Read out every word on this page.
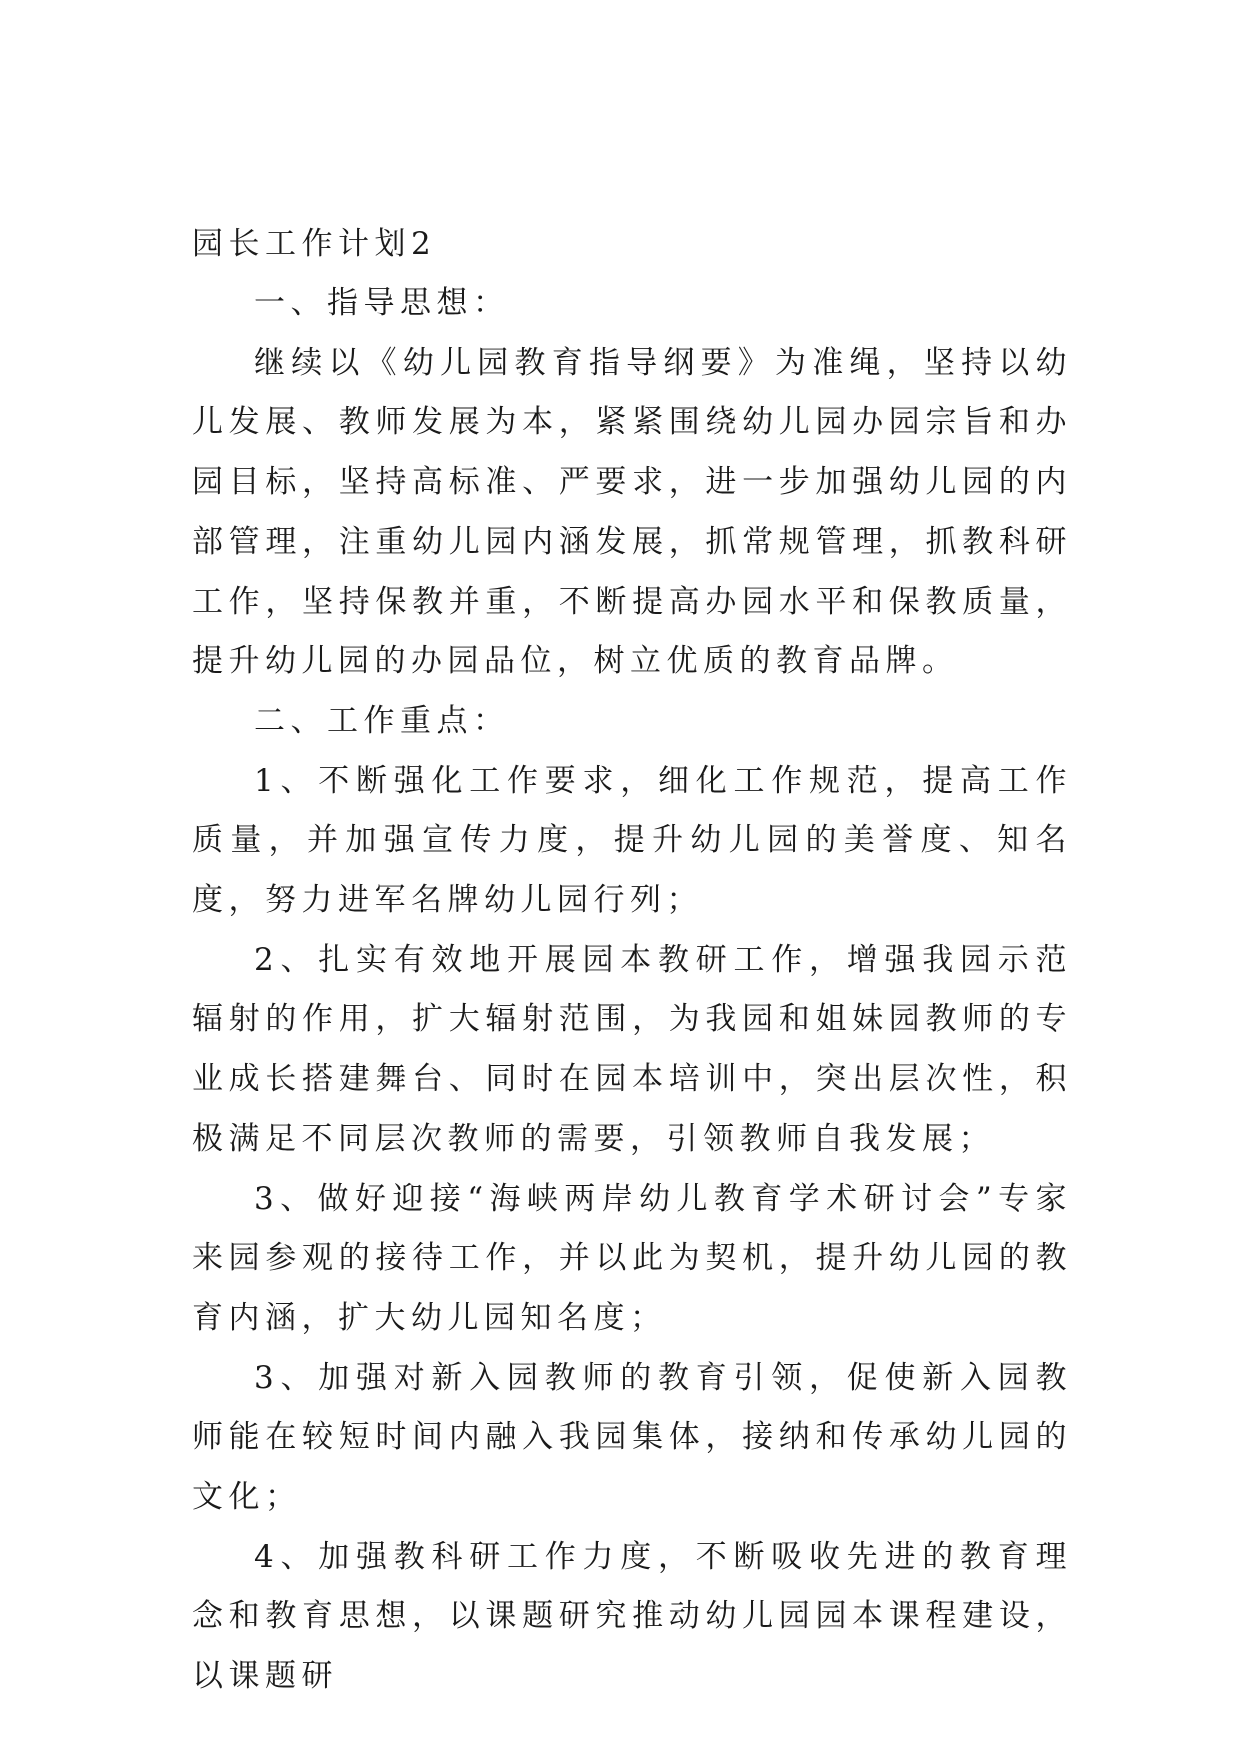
园长工作计划2

一、指导思想：

继续以《幼儿园教育指导纲要》为准绳，坚持以幼儿发展、教师发展为本，紧紧围绕幼儿园办园宗旨和办园目标，坚持高标准、严要求，进一步加强幼儿园的内部管理，注重幼儿园内涵发展，抓常规管理，抓教科研工作，坚持保教并重，不断提高办园水平和保教质量，提升幼儿园的办园品位，树立优质的教育品牌。

二、工作重点：

1、不断强化工作要求，细化工作规范，提高工作质量，并加强宣传力度，提升幼儿园的美誉度、知名度，努力进军名牌幼儿园行列；

2、扎实有效地开展园本教研工作，增强我园示范辐射的作用，扩大辐射范围，为我园和姐妹园教师的专业成长搭建舞台、同时在园本培训中，突出层次性，积极满足不同层次教师的需要，引领教师自我发展；

3、做好迎接“海峡两岸幼儿教育学术研讨会”专家来园参观的接待工作，并以此为契机，提升幼儿园的教育内涵，扩大幼儿园知名度；

3、加强对新入园教师的教育引领，促使新入园教师能在较短时间内融入我园集体，接纳和传承幼儿园的文化；

4、加强教科研工作力度，不断吸收先进的教育理念和教育思想，以课题研究推动幼儿园园本课程建设，以课题研
